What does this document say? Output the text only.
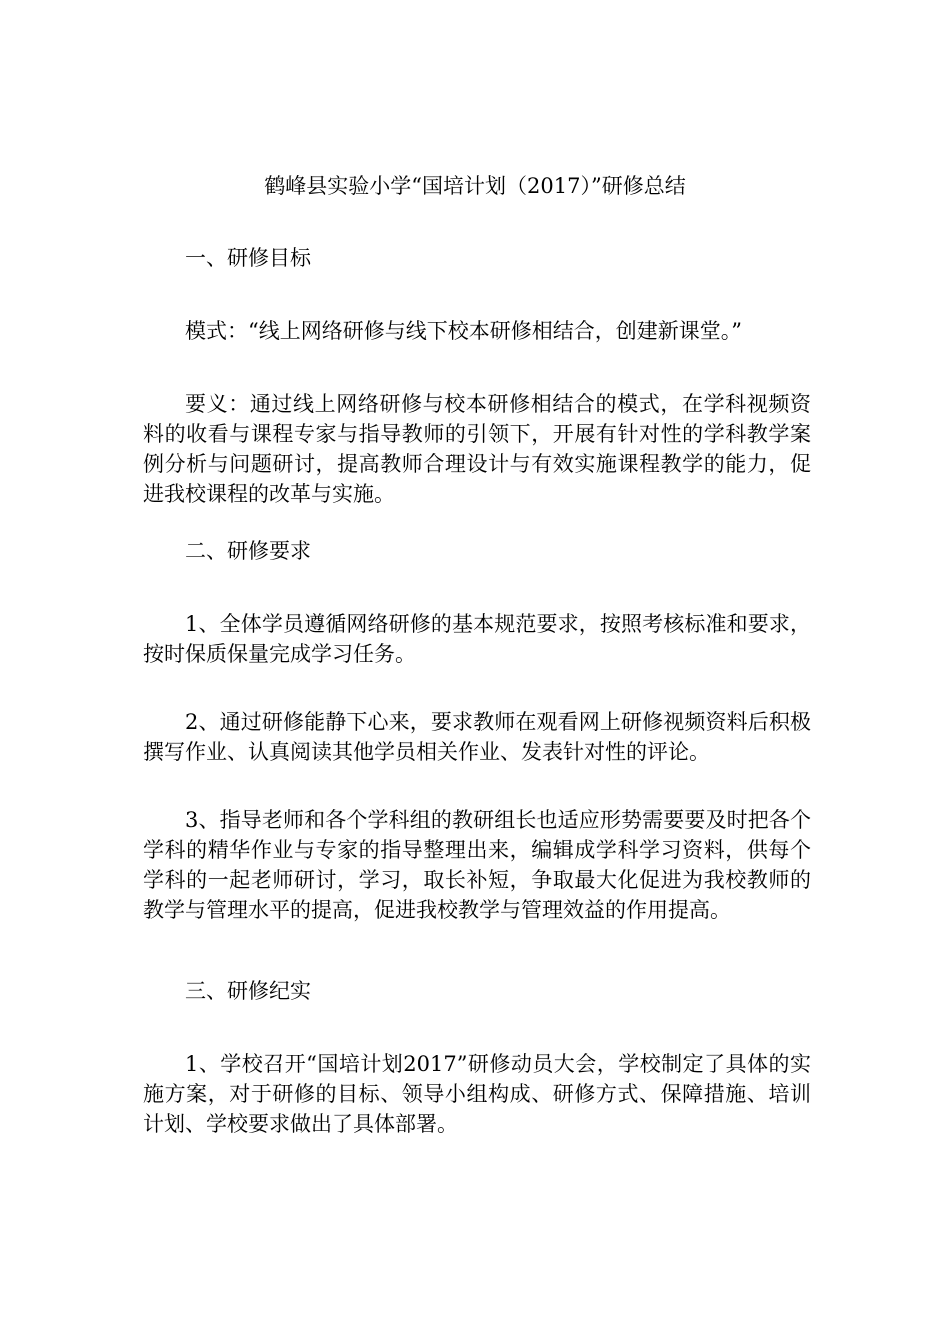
鹤峰县实验小学“国培计划（2017）”研修总结

一、研修目标

模式：“线上网络研修与线下校本研修相结合，创建新课堂。”

要义：通过线上网络研修与校本研修相结合的模式，在学科视频资料的收看与课程专家与指导教师的引领下，开展有针对性的学科教学案例分析与问题研讨，提高教师合理设计与有效实施课程教学的能力，促进我校课程的改革与实施。

二、研修要求

1、全体学员遵循网络研修的基本规范要求，按照考核标准和要求，按时保质保量完成学习任务。

2、通过研修能静下心来，要求教师在观看网上研修视频资料后积极撰写作业、认真阅读其他学员相关作业、发表针对性的评论。

3、指导老师和各个学科组的教研组长也适应形势需要要及时把各个学科的精华作业与专家的指导整理出来，编辑成学科学习资料，供每个学科的一起老师研讨，学习，取长补短，争取最大化促进为我校教师的教学与管理水平的提高，促进我校教学与管理效益的作用提高。

三、研修纪实

1、学校召开“国培计划2017”研修动员大会，学校制定了具体的实施方案，对于研修的目标、领导小组构成、研修方式、保障措施、培训计划、学校要求做出了具体部署。
